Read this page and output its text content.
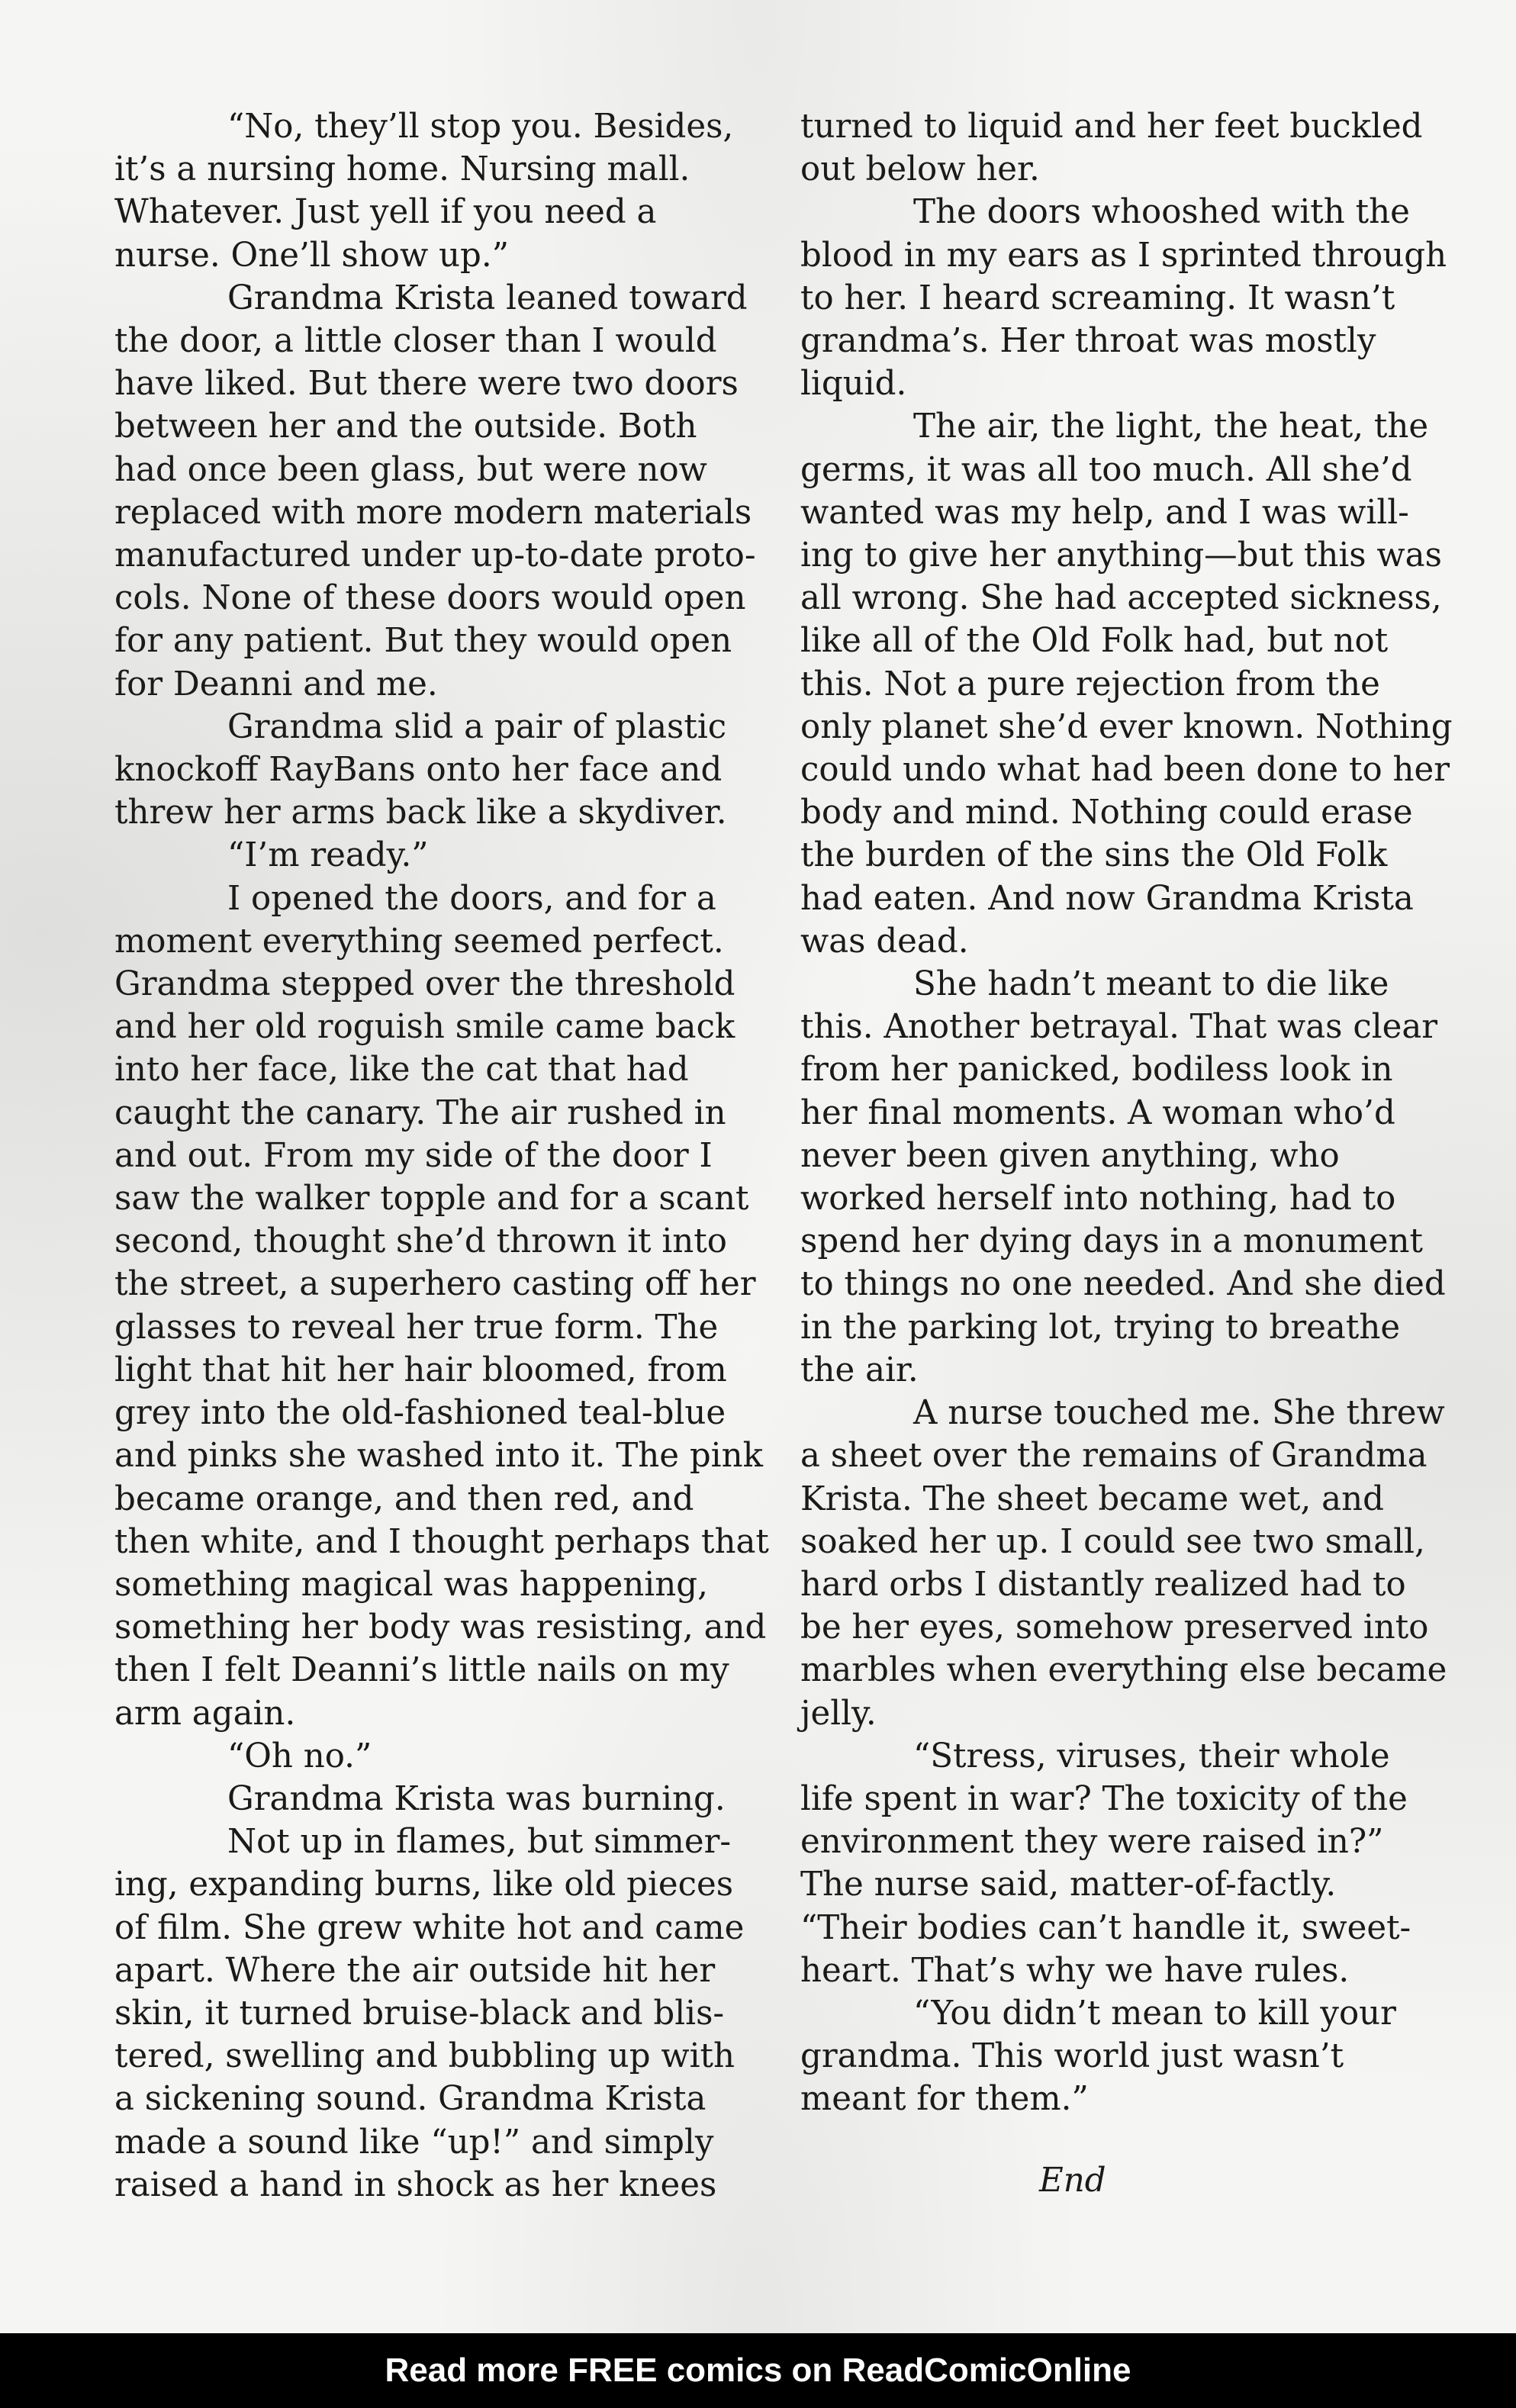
“No, they’ll stop you. Besides,
it’s a nursing home. Nursing mall.
Whatever. Just yell if you need a
nurse. One’ll show up.”
Grandma Krista leaned toward
the door, a little closer than I would
have liked. But there were two doors
between her and the outside. Both
had once been glass, but were now
replaced with more modern materials
manufactured under up-to-date proto-
cols. None of these doors would open
for any patient. But they would open
for Deanni and me.
Grandma slid a pair of plastic
knockoff RayBans onto her face and
threw her arms back like a skydiver.
“I’m ready.”
I opened the doors, and for a
moment everything seemed perfect.
Grandma stepped over the threshold
and her old roguish smile came back
into her face, like the cat that had
caught the canary. The air rushed in
and out. From my side of the door I
saw the walker topple and for a scant
second, thought she’d thrown it into
the street, a superhero casting off her
glasses to reveal her true form. The
light that hit her hair bloomed, from
grey into the old-fashioned teal-blue
and pinks she washed into it. The pink
became orange, and then red, and
then white, and I thought perhaps that
something magical was happening,
something her body was resisting, and
then I felt Deanni’s little nails on my
arm again.
“Oh no.”
Grandma Krista was burning.
Not up in flames, but simmer-
ing, expanding burns, like old pieces
of film. She grew white hot and came
apart. Where the air outside hit her
skin, it turned bruise-black and blis-
tered, swelling and bubbling up with
a sickening sound. Grandma Krista
made a sound like “up!” and simply
raised a hand in shock as her knees
turned to liquid and her feet buckled
out below her.
The doors whooshed with the
blood in my ears as I sprinted through
to her. I heard screaming. It wasn’t
grandma’s. Her throat was mostly
liquid.
The air, the light, the heat, the
germs, it was all too much. All she’d
wanted was my help, and I was will-
ing to give her anything—but this was
all wrong. She had accepted sickness,
like all of the Old Folk had, but not
this. Not a pure rejection from the
only planet she’d ever known. Nothing
could undo what had been done to her
body and mind. Nothing could erase
the burden of the sins the Old Folk
had eaten. And now Grandma Krista
was dead.
She hadn’t meant to die like
this. Another betrayal. That was clear
from her panicked, bodiless look in
her final moments. A woman who’d
never been given anything, who
worked herself into nothing, had to
spend her dying days in a monument
to things no one needed. And she died
in the parking lot, trying to breathe
the air.
A nurse touched me. She threw
a sheet over the remains of Grandma
Krista. The sheet became wet, and
soaked her up. I could see two small,
hard orbs I distantly realized had to
be her eyes, somehow preserved into
marbles when everything else became
jelly.
“Stress, viruses, their whole
life spent in war? The toxicity of the
environment they were raised in?”
The nurse said, matter-of-factly.
“Their bodies can’t handle it, sweet-
heart. That’s why we have rules.
“You didn’t mean to kill your
grandma. This world just wasn’t
meant for them.”
End
Read more FREE comics on ReadComicOnline
